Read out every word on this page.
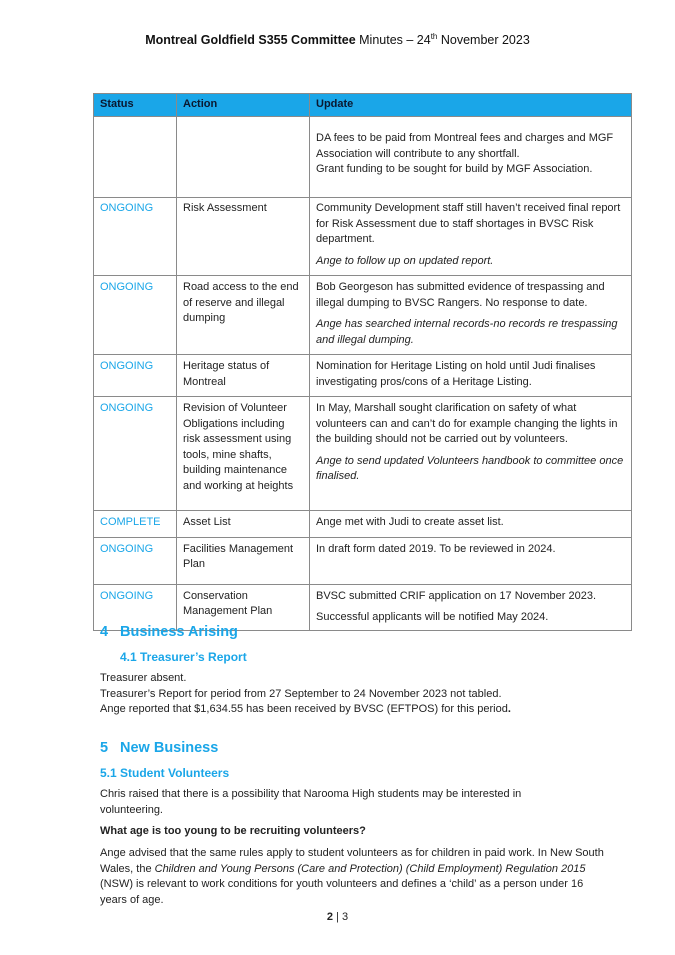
Montreal Goldfield S355 Committee Minutes – 24th November 2023
Status	Action	Update

		DA fees to be paid from Montreal fees and charges and MGF Association will contribute to any shortfall.
Grant funding to be sought for build by MGF Association.

ONGOING	Risk Assessment	Community Development staff still haven’t received final report for Risk Assessment due to staff shortages in BVSC Risk department.

Ange to follow up on updated report.

ONGOING	Road access to the end of reserve and illegal dumping	Bob Georgeson has submitted evidence of trespassing and illegal dumping to BVSC Rangers. No response to date.

Ange has searched internal records-no records re trespassing and illegal dumping.

ONGOING	Heritage status of Montreal	Nomination for Heritage Listing on hold until Judi finalises investigating pros/cons of a Heritage Listing.

ONGOING	Revision of Volunteer Obligations including risk assessment using tools, mine shafts, building maintenance and working at heights	In May, Marshall sought clarification on safety of what volunteers can and can’t do for example changing the lights in the building should not be carried out by volunteers.

Ange to send updated Volunteers handbook to committee once finalised.

COMPLETE	Asset List	Ange met with Judi to create asset list.

ONGOING	Facilities Management Plan	In draft form dated 2019. To be reviewed in 2024.

ONGOING	Conservation Management Plan	BVSC submitted CRIF application on 17 November 2023.

Successful applicants will be notified May 2024.

4 Business Arising
4.1 Treasurer’s Report
Treasurer absent.
Treasurer’s Report for period from 27 September to 24 November 2023 not tabled.
Ange reported that $1,634.55 has been received by BVSC (EFTPOS) for this period.
5 New Business
5.1 Student Volunteers
Chris raised that there is a possibility that Narooma High students may be interested in volunteering.
What age is too young to be recruiting volunteers?
Ange advised that the same rules apply to student volunteers as for children in paid work. In New South Wales, the Children and Young Persons (Care and Protection) (Child Employment) Regulation 2015 (NSW) is relevant to work conditions for youth volunteers and defines a ‘child’ as a person under 16 years of age.
2 | 3
